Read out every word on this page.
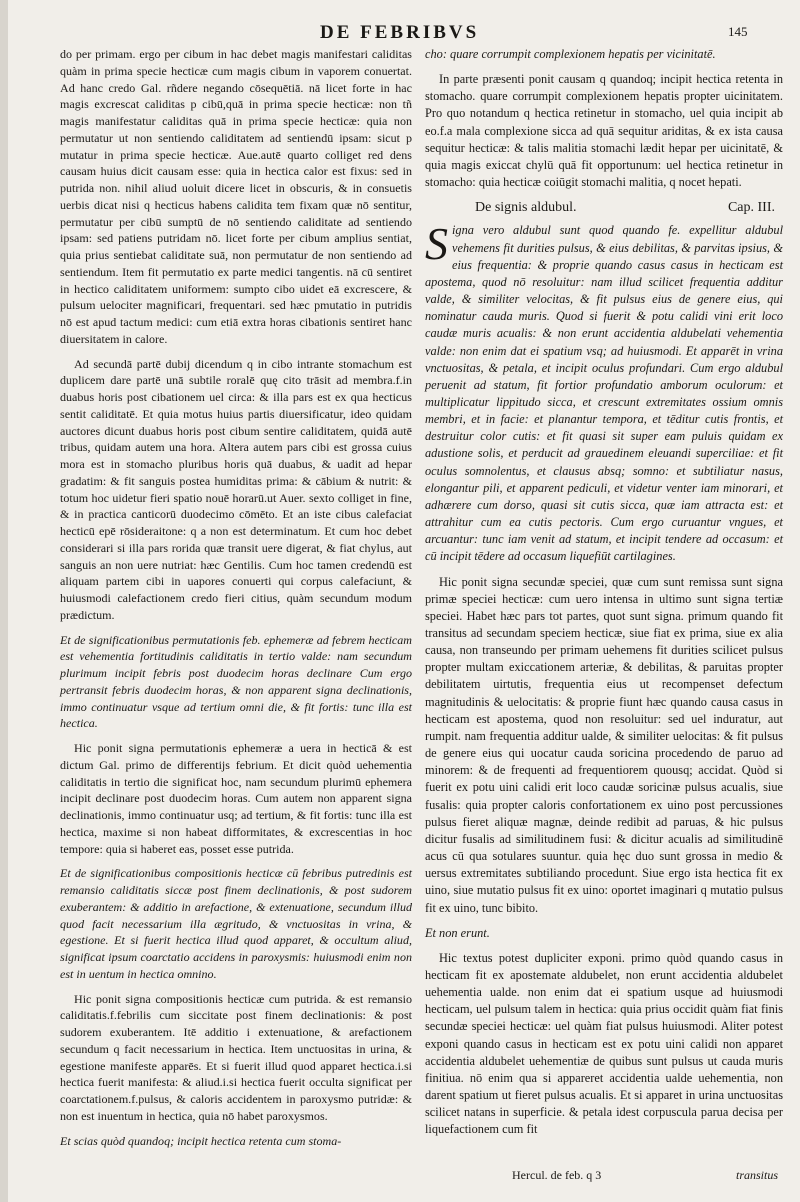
DE FEBRIBVS	145

do per primam. ergo per cibum in hac debet magis manifestari caliditas quàm in prima specie hecticæ cum magis cibum in vaporem conuertat. Ad hanc credo Gal. rñdere negando cōsequētiā. nā licet forte in hac magis excrescat caliditas p cibū,quā in prima specie hecticæ: non tñ magis manifestatur caliditas quā in prima specie hecticæ: quia non permutatur ut non sentiendo caliditatem ad sentiendū ipsam: sicut p mutatur in prima specie hecticæ. Aue.autē quarto colliget red dens causam huius dicit causam esse: quia in hectica calor est fixus: sed in putrida non. nihil aliud uoluit dicere licet in obscuris, & in consuetis uerbis dicat nisi q hecticus habens calidita tem fixam quæ nō sentitur, permutatur per cibū sumptū de nō sentiendo caliditate ad sentiendo ipsam: sed patiens putridam nō. licet forte per cibum amplius sentiat, quia prius sentiebat caliditate suā, non permutatur de non sentiendo ad sentiendum. Item fit permutatio ex parte medici tangentis. nā cū sentiret in hectico caliditatem uniformem: sumpto cibo uidet eā excrescere, & pulsum uelociter magnificari, frequentari. sed hæc pmutatio in putridis nō est apud tactum medici: cum etiā extra horas cibationis sentiret hanc diuersitatem in calore.

Ad secundā partē dubij dicendum q in cibo intrante stomachum est duplicem dare partē unā subtile roralē quę cito trāsit ad membra.f.in duabus horis post cibationem uel circa: & illa pars est ex qua hecticus sentit caliditatē. Et quia motus huius partis diuersificatur, ideo quidam auctores dicunt duabus horis post cibum sentire caliditatem, quidā autē tribus, quidam autem una hora. Altera autem pars cibi est grossa cuius mora est in stomacho pluribus horis quā duabus, & uadit ad hepar gradatim: & fit sanguis postea humiditas prima: & cābium & nutrit: & totum hoc uidetur fieri spatio nouē horarū.ut Auer. sexto colliget in fine, & in practica canticorū duodecimo cōmēto. Et an iste cibus calefaciat hecticū epē rōsideraitone: q a non est determinatum. Et cum hoc debet considerari si illa pars rorida quæ transit uere digerat, & fiat chylus, aut sanguis an non uere nutriat: hæc Gentilis. Cum hoc tamen credendū est aliquam partem cibi in uapores conuerti qui corpus calefaciunt, & huiusmodi calefactionem credo fieri citius, quàm secundum modum prædictum.

Et de significationibus permutationis feb. ephemeræ ad febrem hecticam est vehementia fortitudinis caliditatis in tertio valde: nam secundum plurimum incipit febris post duodecim horas declinare Cum ergo pertransit febris duodecim horas, & non apparent signa declinationis, immo continuatur vsque ad tertium omni die, & fit fortis: tunc illa est hectica.

Hic ponit signa permutationis ephemeræ a uera in hecticā & est dictum Gal. primo de differentijs febrium. Et dicit quòd uehementia caliditatis in tertio die significat hoc, nam secundum plurimū ephemera incipit declinare post duodecim horas. Cum autem non apparent signa declinationis, immo continuatur usq; ad tertium, & fit fortis: tunc illa est hectica, maxime si non habeat difformitates, & excrescentias in hoc tempore: quia si haberet eas, posset esse putrida.

Et de significationibus compositionis hecticæ cū febribus putredinis est remansio caliditatis siccæ post finem declinationis, & post sudorem exuberantem: & additio in arefactione, & extenuatione, secundum illud quod facit necessarium illa ægritudo, & vnctuositas in vrina, & egestione. Et si fuerit hectica illud quod apparet, & occultum aliud, significat ipsum coarctatio accidens in paroxysmis: huiusmodi enim non est in uentum in hectica omnino.

Hic ponit signa compositionis hecticæ cum putrida. & est remansio caliditatis.f.febrilis cum siccitate post finem declinationis: & post sudorem exuberantem. Itē additio i extenuatione, & arefactionem secundum q facit necessarium in hectica. Item unctuositas in urina, & egestione manifeste apparēs. Et si fuerit illud quod apparet hectica.i.si hectica fuerit manifesta: & aliud.i.si hectica fuerit occulta significat per coarctationem.f.pulsus, & caloris accidentem in paroxysmo putridæ: & non est inuentum in hectica, quia nō habet paroxysmos.

Et scias quòd quandoq; incipit hectica retenta cum stoma-

cho: quare corrumpit complexionem hepatis per vicinitatē.

In parte præsenti ponit causam q quandoq; incipit hectica retenta in stomacho. quare corrumpit complexionem hepatis propter uicinitatem. Pro quo notandum q hectica retinetur in stomacho, uel quia incipit ab eo.f.a mala complexione sicca ad quā sequitur ariditas, & ex ista causa sequitur hecticæ: & talis malitia stomachi lædit hepar per uicinitatē, & quia magis exiccat chylū quā fit opportunum: uel hectica retinetur in stomacho: quia hecticæ coiūgit stomachi malitia, q nocet hepati.

De signis aldubul.	Cap. III.

Signa vero aldubul sunt quod quando fe. expellitur aldubul vehemens fit durities pulsus, & eius debilitas, & parvitas ipsius, & eius frequentia: & proprie quando casus casus in hecticam est apostema, quod nō resoluitur: nam illud scilicet frequentia additur valde, & similiter velocitas, & fit pulsus eius de genere eius, qui nominatur cauda muris. Quod si fuerit & potu calidi vini erit loco caudæ muris acualis: & non erunt accidentia aldubelati vehementia valde: non enim dat ei spatium vsq; ad huiusmodi. Et apparēt in vrina vnctuositas, & petala, et incipit oculus profundari. Cum ergo aldubul peruenit ad statum, fit fortior profundatio amborum oculorum: et multiplicatur lippitudo sicca, et crescunt extremitates ossium omnis membri, et in facie: et planantur tempora, et tēditur cutis frontis, et destruitur color cutis: et fit quasi sit super eam puluis quidam ex adustione solis, et perducit ad grauedinem eleuandi superciliae: et fit oculus somnolentus, et clausus absq; somno: et subtiliatur nasus, elongantur pili, et apparent pediculi, et videtur venter iam minorari, et adhærere cum dorso, quasi sit cutis sicca, quæ iam attracta est: et attrahitur cum ea cutis pectoris. Cum ergo curuantur vngues, et arcuantur: tunc iam venit ad statum, et incipit tendere ad occasum: et cū incipit tēdere ad occasum liquefiūt cartilagines.

Hic ponit signa secundæ speciei, quæ cum sunt remissa sunt signa primæ speciei hecticæ: cum uero intensa in ultimo sunt signa tertiæ speciei. Habet hæc pars tot partes, quot sunt signa. primum quando fit transitus ad secundam speciem hecticæ, siue fiat ex prima, siue ex alia causa, non transeundo per primam uehemens fit durities scilicet pulsus propter multam exiccationem arteriæ, & debilitas, & paruitas propter debilitatem uirtutis, frequentia eius ut recompenset defectum magnitudinis & uelocitatis: & proprie fiunt hæc quando causa casus in hecticam est apostema, quod non resoluitur: sed uel induratur, aut rumpit. nam frequentia additur ualde, & similiter uelocitas: & fit pulsus de genere eius qui uocatur cauda soricina procedendo de paruo ad minorem: & de frequenti ad frequentiorem quousq; accidat. Quòd si fuerit ex potu uini calidi erit loco caudæ soricinæ pulsus acualis, siue fusalis: quia propter caloris confortationem ex uino post percussiones pulsus fieret aliquæ magnæ, deinde redibit ad paruas, & hic pulsus dicitur fusalis ad similitudinem fusi: & dicitur acualis ad similitudinē acus cū qua sotulares suuntur. quia hęc duo sunt grossa in medio & uersus extremitates subtiliando procedunt. Siue ergo ista hectica fit ex uino, siue mutatio pulsus fit ex uino: oportet imaginari q mutatio pulsus fit ex uino, tunc bibito.

Et non erunt.

Hic textus potest dupliciter exponi. primo quòd quando casus in hecticam fit ex apostemate aldubelet, non erunt accidentia aldubelet uehementia ualde. non enim dat ei spatium usque ad huiusmodi hecticam, uel pulsum talem in hectica: quia prius occidit quàm fiat finis secundæ speciei hecticæ: uel quàm fiat pulsus huiusmodi. Aliter potest exponi quando casus in hecticam est ex potu uini calidi non apparet accidentia aldubelet uehementiæ de quibus sunt pulsus ut cauda muris finitiua. nō enim qua si appareret accidentia ualde uehementia, non darent spatium ut fieret pulsus acualis. Et si apparet in urina unctuositas scilicet natans in superficie. & petala idest corpuscula parua decisa per liquefactionem cum fit

Hercul. de feb. q 3	transitus
